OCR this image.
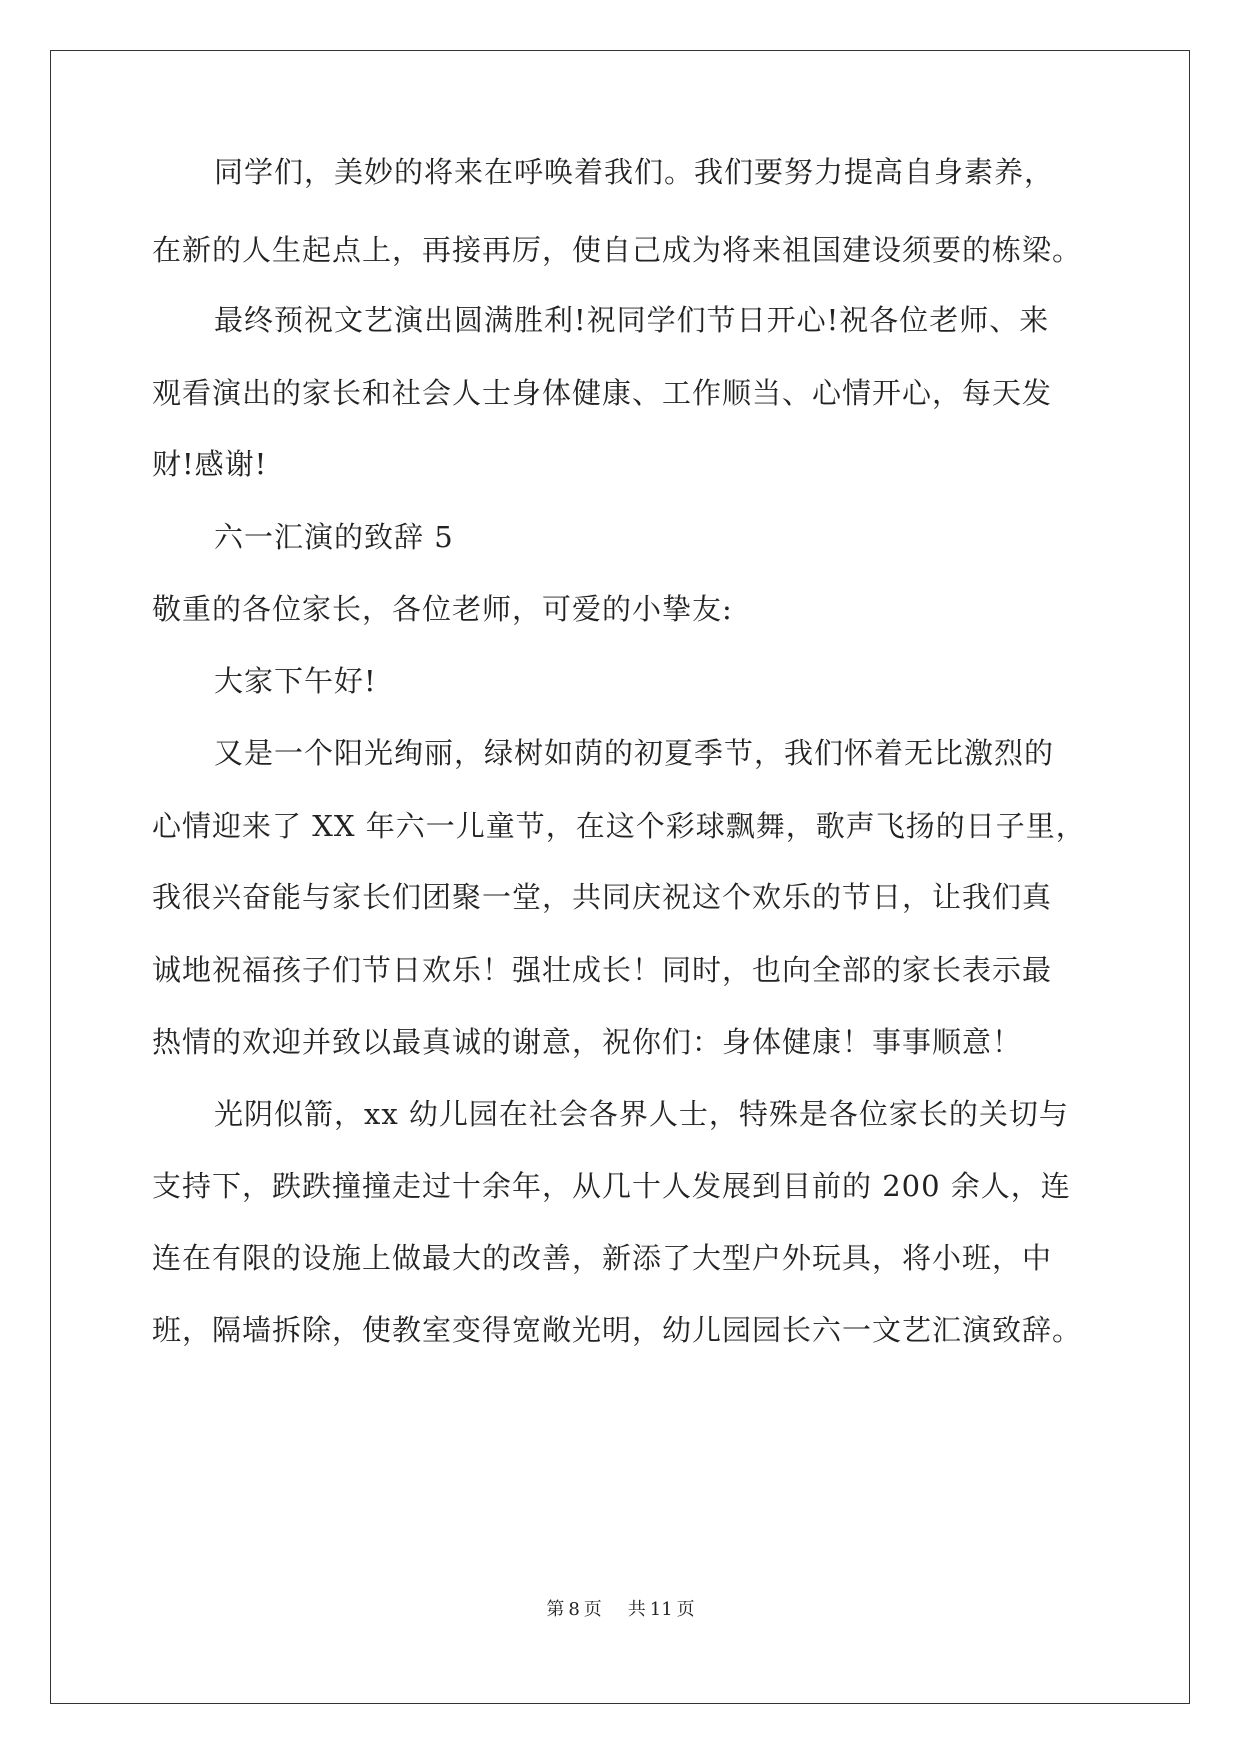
同学们，美妙的将来在呼唤着我们。我们要努力提高自身素养，
在新的人生起点上，再接再厉，使自己成为将来祖国建设须要的栋梁。
最终预祝文艺演出圆满胜利!祝同学们节日开心!祝各位老师、来
观看演出的家长和社会人士身体健康、工作顺当、心情开心，每天发
财!感谢!
六一汇演的致辞 5
敬重的各位家长，各位老师，可爱的小挚友:
大家下午好!
又是一个阳光绚丽，绿树如荫的初夏季节，我们怀着无比激烈的
心情迎来了 XX 年六一儿童节，在这个彩球飘舞，歌声飞扬的日子里，
我很兴奋能与家长们团聚一堂，共同庆祝这个欢乐的节日，让我们真
诚地祝福孩子们节日欢乐！强壮成长！同时，也向全部的家长表示最
热情的欢迎并致以最真诚的谢意，祝你们：身体健康！事事顺意！
光阴似箭，xx 幼儿园在社会各界人士，特殊是各位家长的关切与
支持下，跌跌撞撞走过十余年，从几十人发展到目前的 200 余人，连
连在有限的设施上做最大的改善，新添了大型户外玩具，将小班，中
班，隔墙拆除，使教室变得宽敞光明，幼儿园园长六一文艺汇演致辞。
第 8 页 共 11 页
